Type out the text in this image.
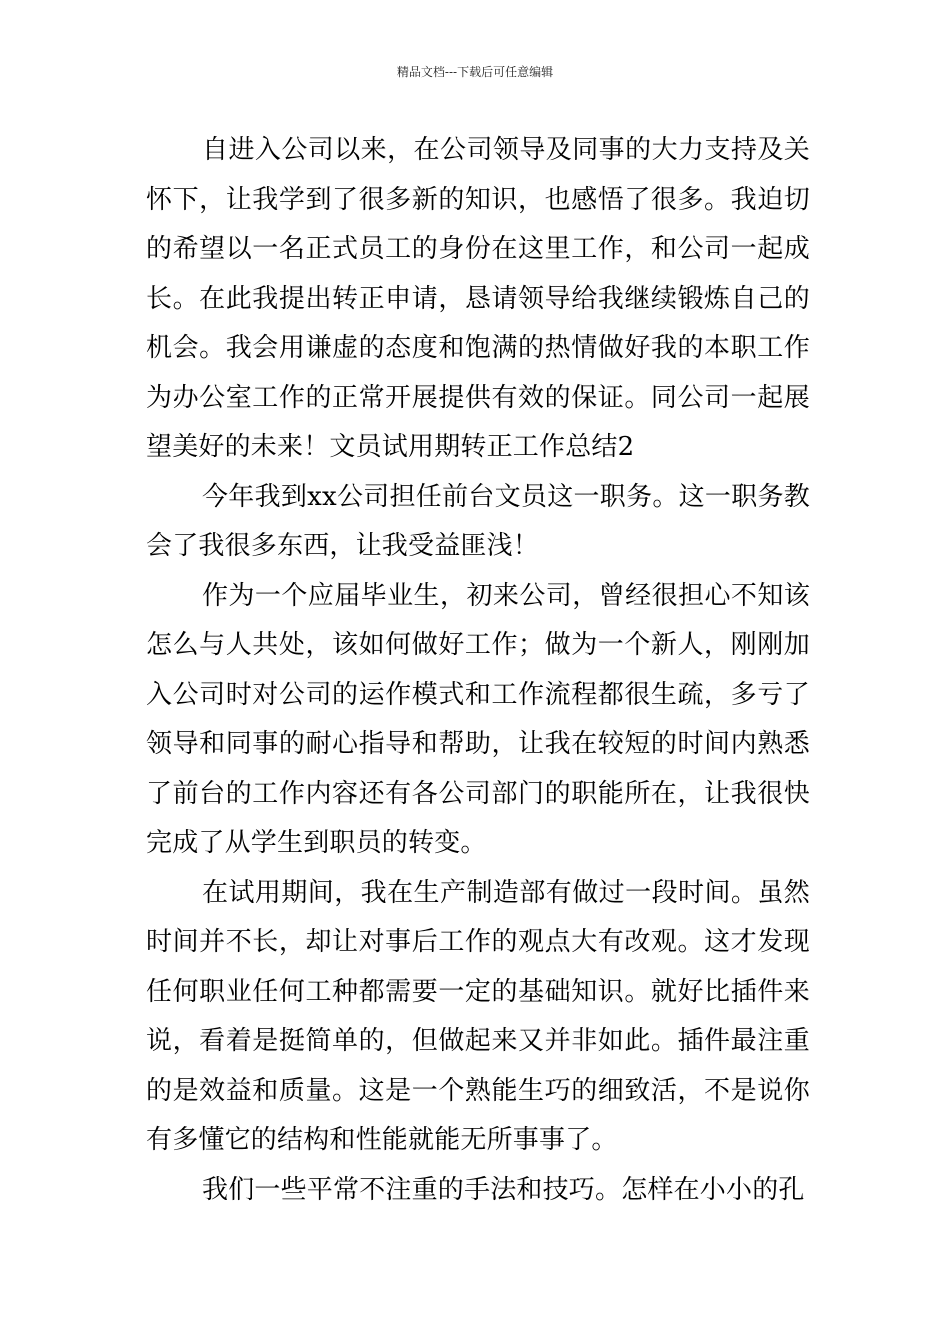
精品文档---下载后可任意编辑

自进入公司以来，在公司领导及同事的大力支持及关怀下，让我学到了很多新的知识，也感悟了很多。我迫切的希望以一名正式员工的身份在这里工作，和公司一起成长。在此我提出转正申请，恳请领导给我继续锻炼自己的机会。我会用谦虚的态度和饱满的热情做好我的本职工作为办公室工作的正常开展提供有效的保证。同公司一起展望美好的未来！文员试用期转正工作总结2

今年我到xx公司担任前台文员这一职务。这一职务教会了我很多东西，让我受益匪浅！

作为一个应届毕业生，初来公司，曾经很担心不知该怎么与人共处，该如何做好工作；做为一个新人，刚刚加入公司时对公司的运作模式和工作流程都很生疏，多亏了领导和同事的耐心指导和帮助，让我在较短的时间内熟悉了前台的工作内容还有各公司部门的职能所在，让我很快完成了从学生到职员的转变。

在试用期间，我在生产制造部有做过一段时间。虽然时间并不长，却让对事后工作的观点大有改观。这才发现任何职业任何工种都需要一定的基础知识。就好比插件来说，看着是挺简单的，但做起来又并非如此。插件最注重的是效益和质量。这是一个熟能生巧的细致活，不是说你有多懂它的结构和性能就能无所事事了。

我们一些平常不注重的手法和技巧。怎样在小小的孔
